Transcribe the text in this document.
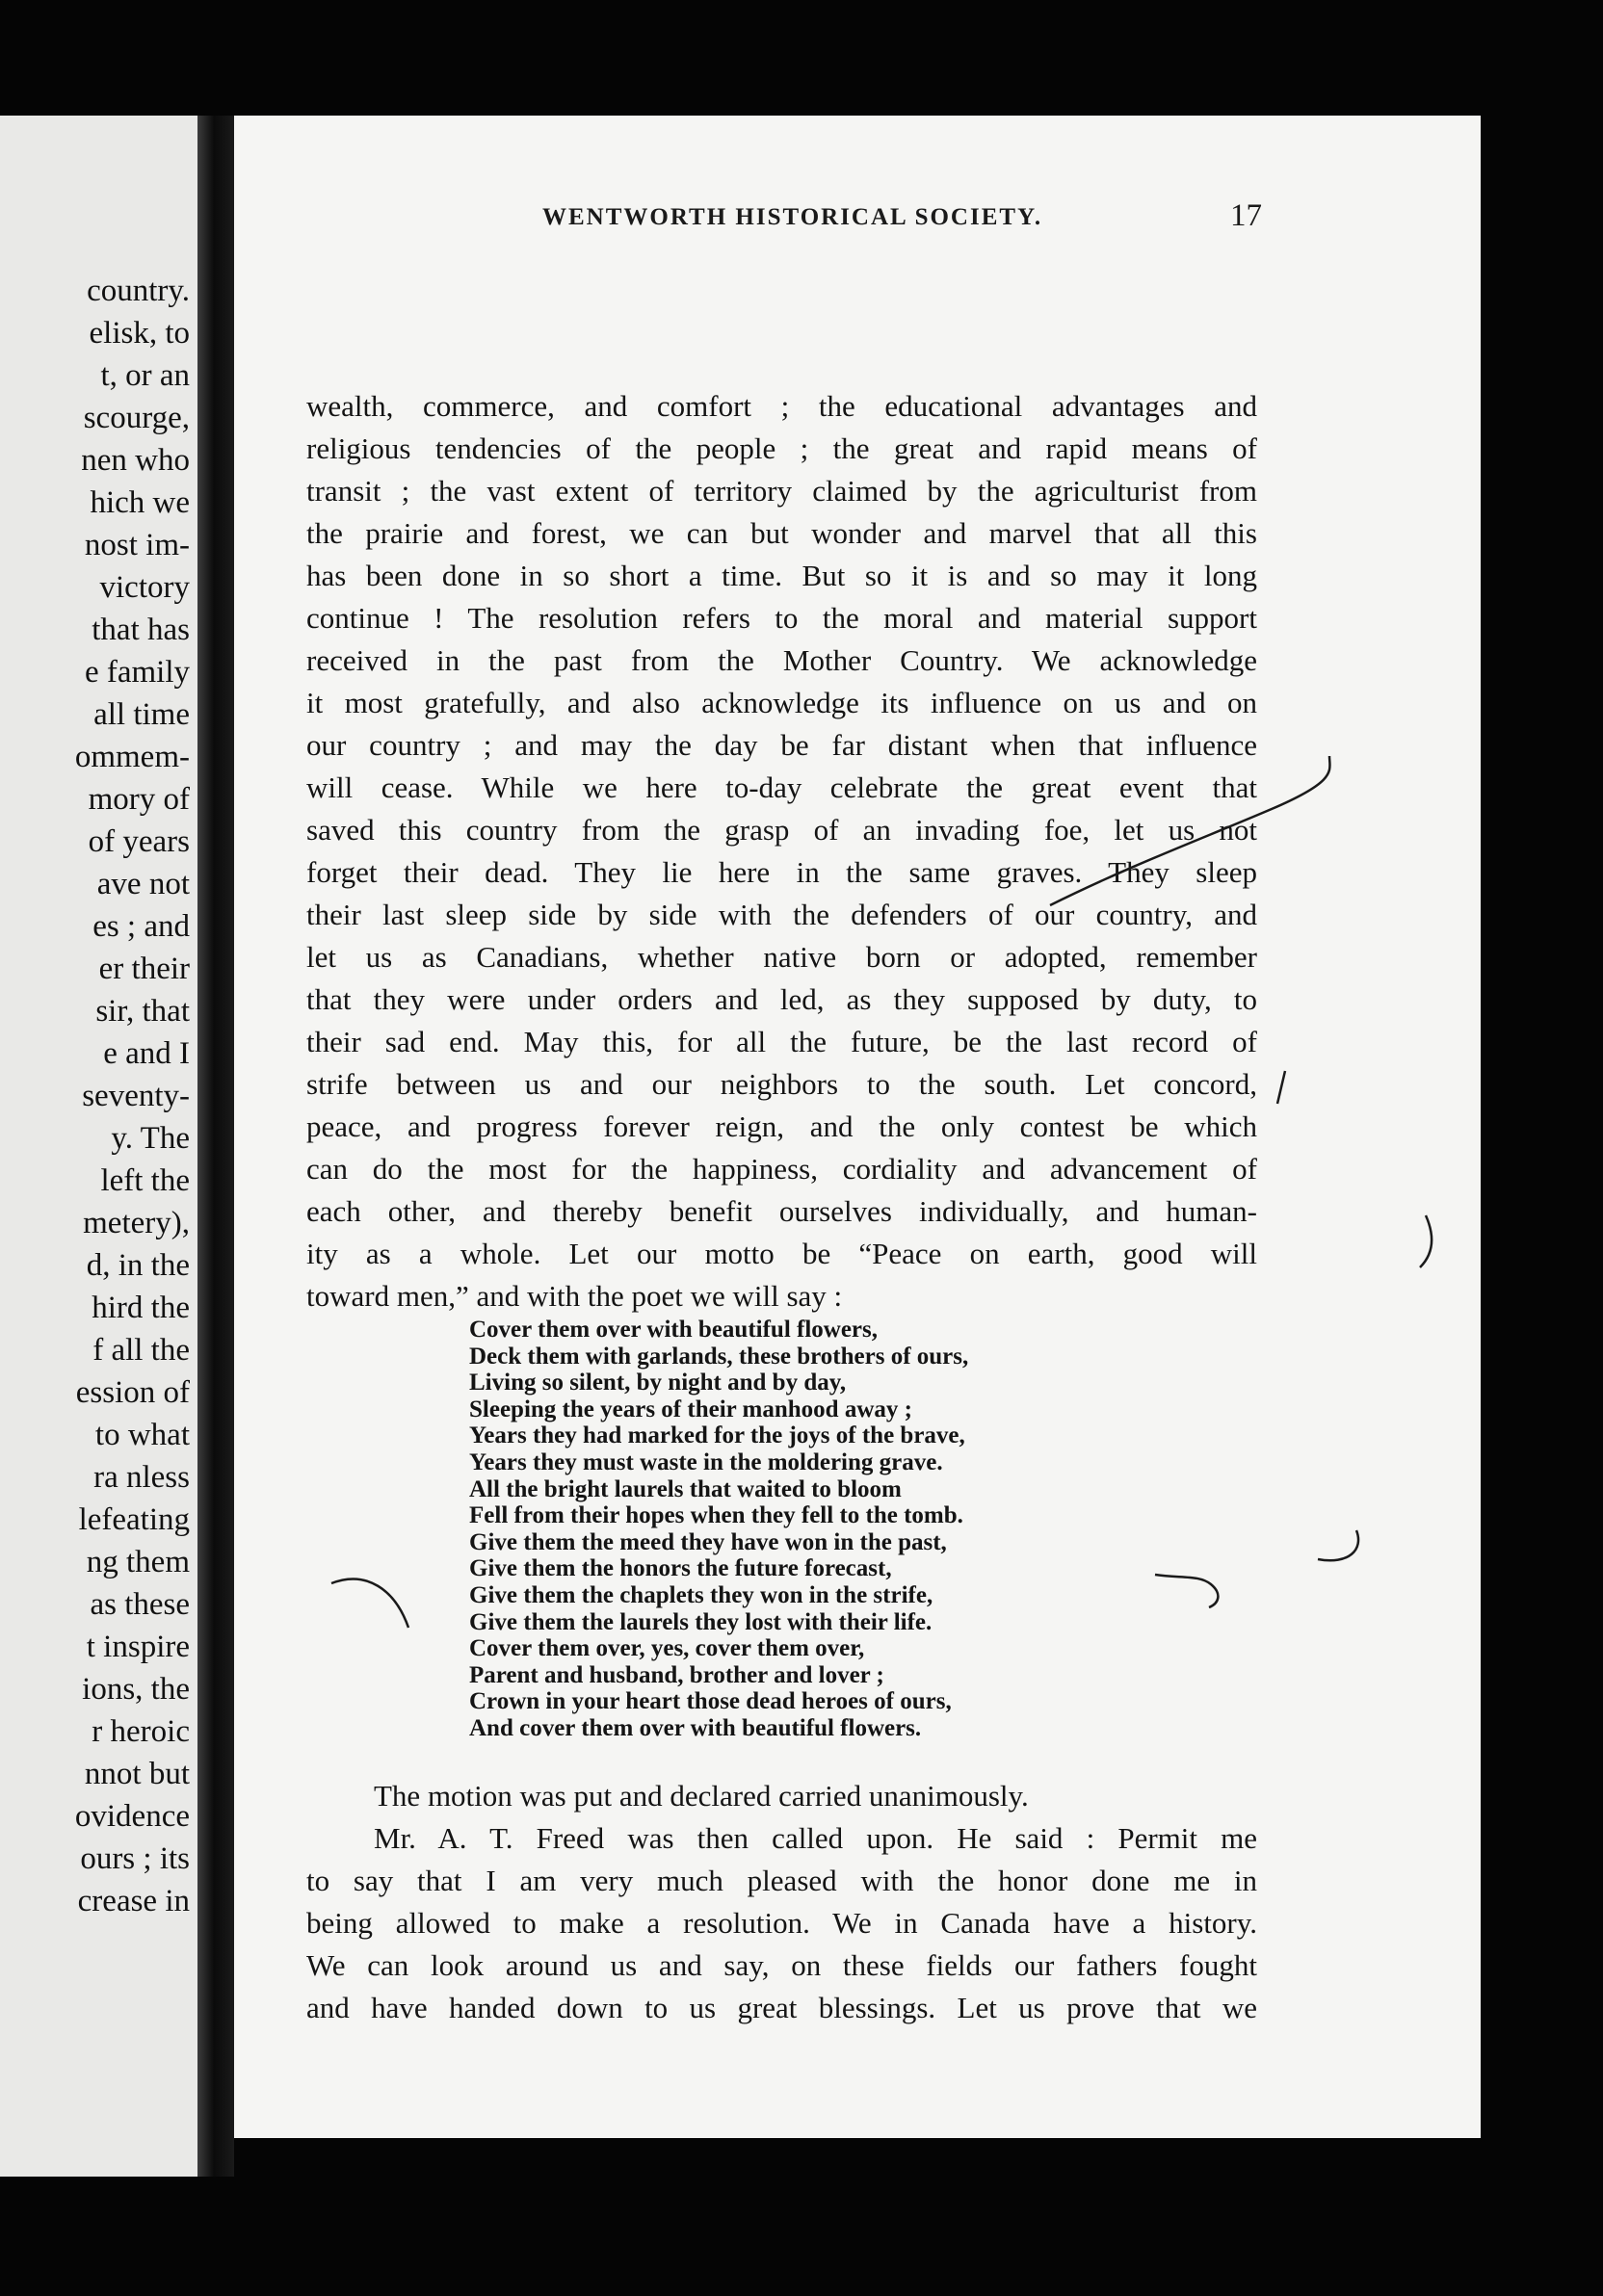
country.
elisk, to
t, or an
scourge,
nen who
hich we
nost im-
victory
that has
e family
all time
ommem-
mory of
of years
ave not
es ; and
er their
sir, that
e and I
seventy-
y. The
left the
metery),
d, in the
hird the
f all the
ession of
to what
ra nless
lefeating
ng them
as these
t inspire
ions, the
r heroic
nnot but
ovidence
ours ; its
crease in
WENTWORTH HISTORICAL SOCIETY.	17
wealth, commerce, and comfort ; the educational advantages and
religious tendencies of the people ; the great and rapid means of
transit ; the vast extent of territory claimed by the agriculturist from
the prairie and forest, we can but wonder and marvel that all this
has been done in so short a time. But so it is and so may it long
continue ! The resolution refers to the moral and material support
received in the past from the Mother Country. We acknowledge
it most gratefully, and also acknowledge its influence on us and on
our country ; and may the day be far distant when that influence
will cease. While we here to-day celebrate the great event that
saved this country from the grasp of an invading foe, let us not
forget their dead. They lie here in the same graves. They sleep
their last sleep side by side with the defenders of our country, and
let us as Canadians, whether native born or adopted, remember
that they were under orders and led, as they supposed by duty, to
their sad end. May this, for all the future, be the last record of
strife between us and our neighbors to the south. Let concord,
peace, and progress forever reign, and the only contest be which
can do the most for the happiness, cordiality and advancement of
each other, and thereby benefit ourselves individually, and human-
ity as a whole. Let our motto be “Peace on earth, good will
toward men,” and with the poet we will say :
Cover them over with beautiful flowers,
Deck them with garlands, these brothers of ours,
Living so silent, by night and by day,
Sleeping the years of their manhood away ;
Years they had marked for the joys of the brave,
Years they must waste in the moldering grave.
All the bright laurels that waited to bloom
Fell from their hopes when they fell to the tomb.
Give them the meed they have won in the past,
Give them the honors the future forecast,
Give them the chaplets they won in the strife,
Give them the laurels they lost with their life.
Cover them over, yes, cover them over,
Parent and husband, brother and lover ;
Crown in your heart those dead heroes of ours,
And cover them over with beautiful flowers.
The motion was put and declared carried unanimously.
Mr. A. T. Freed was then called upon. He said : Permit me
to say that I am very much pleased with the honor done me in
being allowed to make a resolution. We in Canada have a history.
We can look around us and say, on these fields our fathers fought
and have handed down to us great blessings. Let us prove that we
